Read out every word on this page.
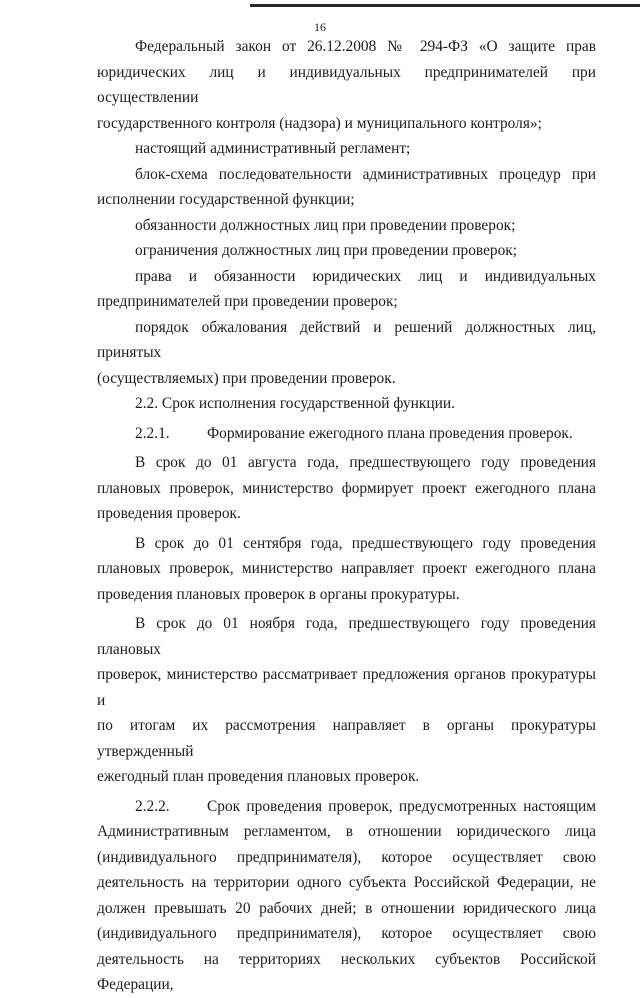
16
Федеральный закон от 26.12.2008 № 294-ФЗ «О защите прав
юридических лиц и индивидуальных предпринимателей при осуществлении
государственного контроля (надзора) и муниципального контроля»;
настоящий административный регламент;
блок-схема последовательности административных процедур при
исполнении государственной функции;
обязанности должностных лиц при проведении проверок;
ограничения должностных лиц при проведении проверок;
права и обязанности юридических лиц и индивидуальных
предпринимателей при проведении проверок;
порядок обжалования действий и решений должностных лиц, принятых
(осуществляемых) при проведении проверок.
2.2. Срок исполнения государственной функции.
2.2.1. Формирование ежегодного плана проведения проверок.
В срок до 01 августа года, предшествующего году проведения
плановых проверок, министерство формирует проект ежегодного плана
проведения проверок.
В срок до 01 сентября года, предшествующего году проведения
плановых проверок, министерство направляет проект ежегодного плана
проведения плановых проверок в органы прокуратуры.
В срок до 01 ноября года, предшествующего году проведения плановых
проверок, министерство рассматривает предложения органов прокуратуры и
по итогам их рассмотрения направляет в органы прокуратуры утвержденный
ежегодный план проведения плановых проверок.
2.2.2. Срок проведения проверок, предусмотренных настоящим
Административным регламентом, в отношении юридического лица
(индивидуального предпринимателя), которое осуществляет свою
деятельность на территории одного субъекта Российской Федерации, не
должен превышать 20 рабочих дней; в отношении юридического лица
(индивидуального предпринимателя), которое осуществляет свою
деятельность на территориях нескольких субъектов Российской Федерации,
